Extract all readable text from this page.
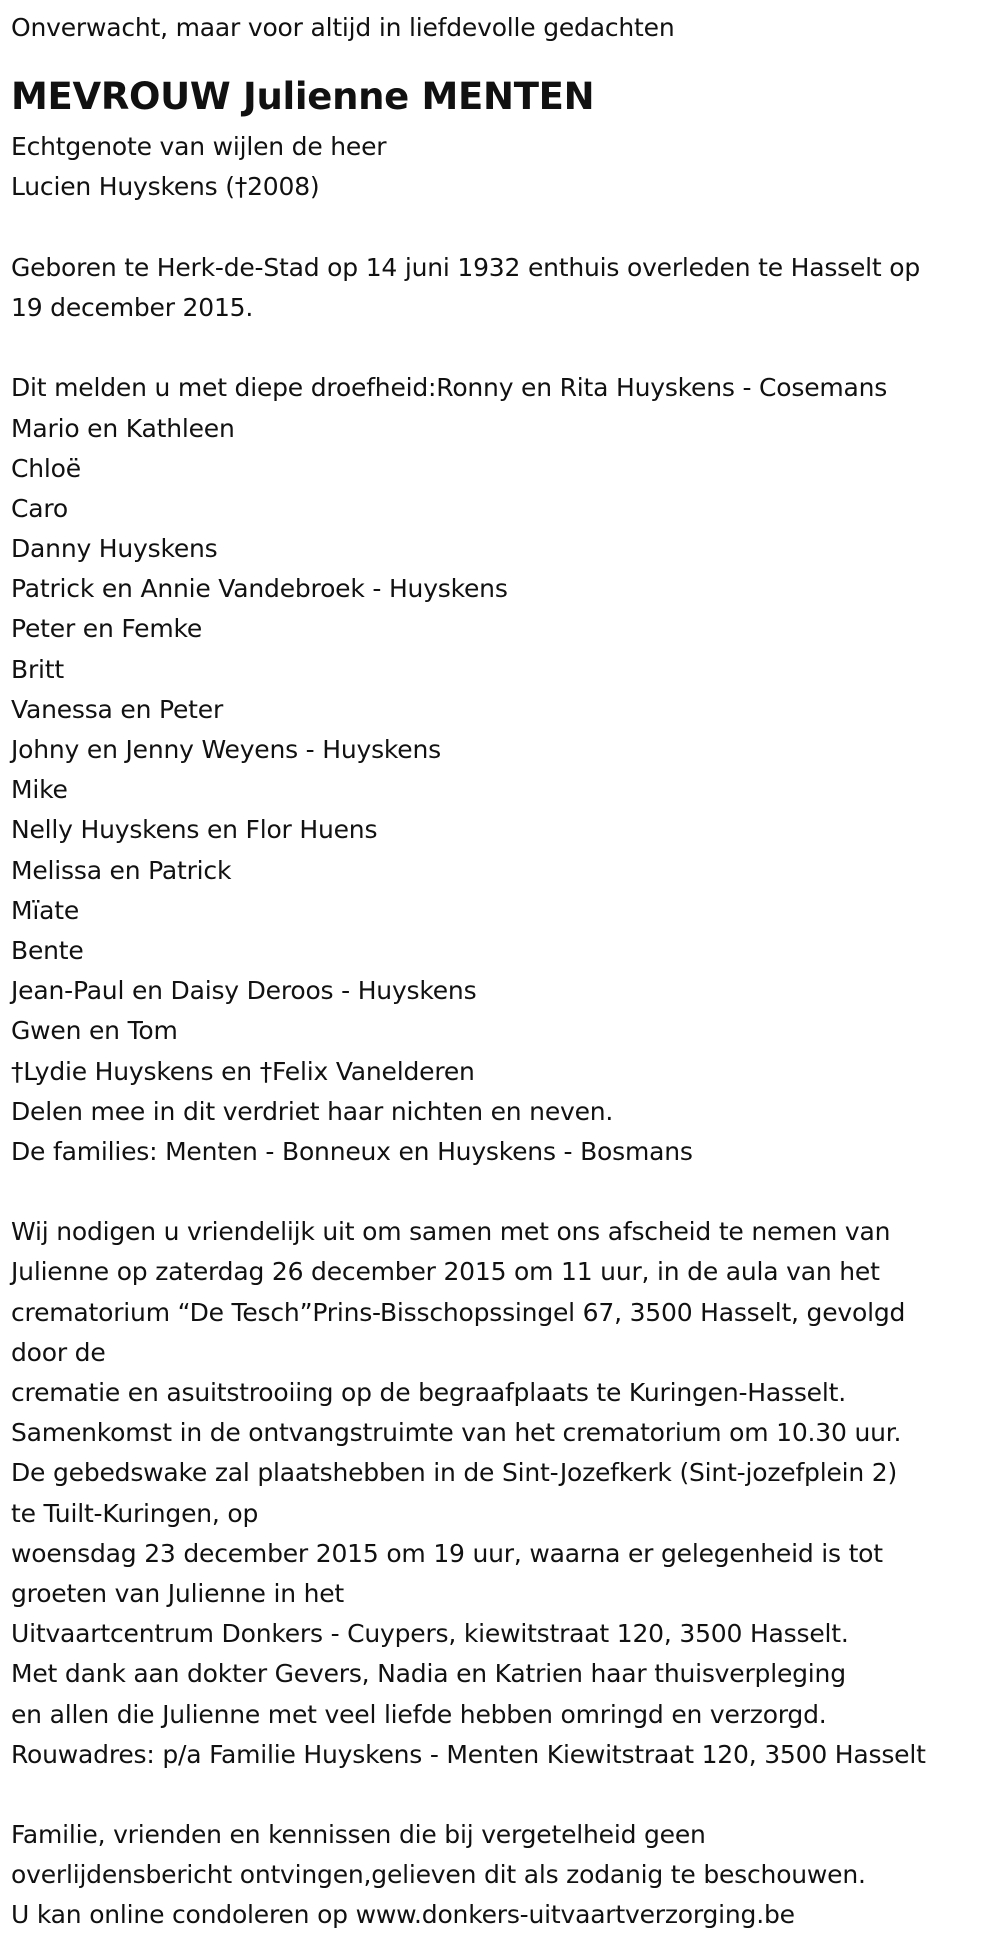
Onverwacht, maar voor altijd in liefdevolle gedachten
MEVROUW Julienne MENTEN
Echtgenote van wijlen de heer
Lucien Huyskens (†2008)
Geboren te Herk-de-Stad op 14 juni 1932 enthuis overleden te Hasselt op
19 december 2015.
Dit melden u met diepe droefheid:Ronny en Rita Huyskens - Cosemans
Mario en Kathleen
Chloë
Caro
Danny Huyskens
Patrick en Annie Vandebroek - Huyskens
Peter en Femke
Britt
Vanessa en Peter
Johny en Jenny Weyens - Huyskens
Mike
Nelly Huyskens en Flor Huens
Melissa en Patrick
Mïate
Bente
Jean-Paul en Daisy Deroos - Huyskens
Gwen en Tom
†Lydie Huyskens en †Felix Vanelderen
Delen mee in dit verdriet haar nichten en neven.
De families: Menten - Bonneux en Huyskens - Bosmans
Wij nodigen u vriendelijk uit om samen met ons afscheid te nemen van
Julienne op zaterdag 26 december 2015 om 11 uur, in de aula van het
crematorium “De Tesch”Prins-Bisschopssingel 67, 3500 Hasselt, gevolgd
door de
crematie en asuitstrooiing op de begraafplaats te Kuringen-Hasselt.
Samenkomst in de ontvangstruimte van het crematorium om 10.30 uur.
De gebedswake zal plaatshebben in de Sint-Jozefkerk (Sint-jozefplein 2)
te Tuilt-Kuringen, op
woensdag 23 december 2015 om 19 uur, waarna er gelegenheid is tot
groeten van Julienne in het
Uitvaartcentrum Donkers - Cuypers, kiewitstraat 120, 3500 Hasselt.
Met dank aan dokter Gevers, Nadia en Katrien haar thuisverpleging
en allen die Julienne met veel liefde hebben omringd en verzorgd.
Rouwadres: p/a Familie Huyskens - Menten Kiewitstraat 120, 3500 Hasselt
Familie, vrienden en kennissen die bij vergetelheid geen
overlijdensbericht ontvingen,gelieven dit als zodanig te beschouwen.
U kan online condoleren op www.donkers-uitvaartverzorging.be
